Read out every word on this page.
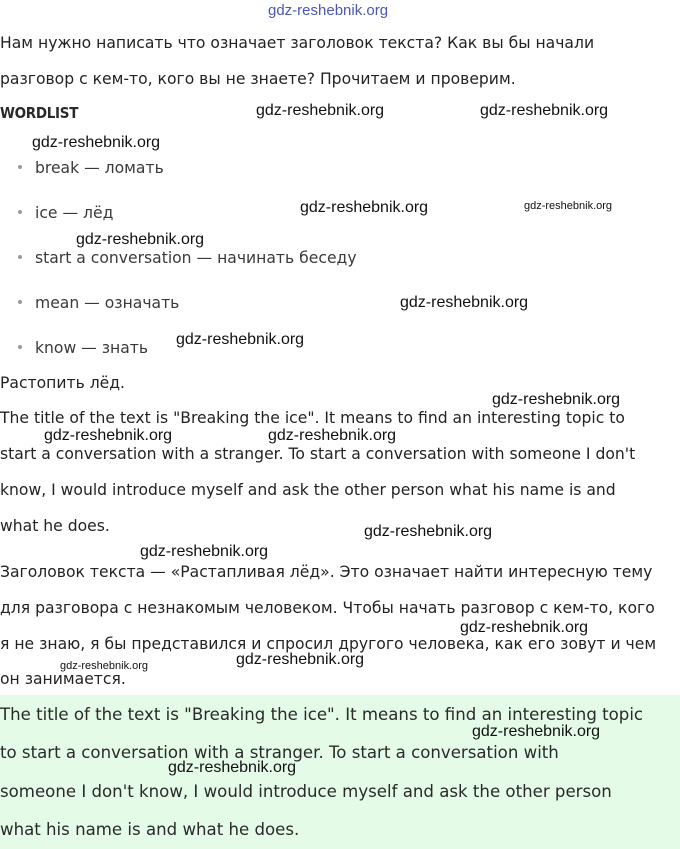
Нам нужно написать что означает заголовок текста? Как вы бы начали
разговор с кем-то, кого вы не знаете? Прочитаем и проверим.
WORDLIST
break — ломать
ice — лёд
start a conversation — начинать беседу
mean — означать
know — знать
Растопить лёд.
The title of the text is "Breaking the ice". It means to find an interesting topic to
start a conversation with a stranger. To start a conversation with someone I don't
know, I would introduce myself and ask the other person what his name is and
what he does.
Заголовок текста — «Растапливая лёд». Это означает найти интересную тему
для разговора с незнакомым человеком. Чтобы начать разговор с кем-то, кого
я не знаю, я бы представился и спросил другого человека, как его зовут и чем
он занимается.
The title of the text is "Breaking the ice". It means to find an interesting topic
to start a conversation with a stranger. To start a conversation with
someone I don't know, I would introduce myself and ask the other person
what his name is and what he does.
gdz-reshebnik.org
gdz-reshebnik.org	gdz-reshebnik.org
gdz-reshebnik.org
gdz-reshebnik.org	gdz-reshebnik.org
gdz-reshebnik.org
gdz-reshebnik.org
gdz-reshebnik.org
gdz-reshebnik.org
gdz-reshebnik.org	gdz-reshebnik.org
gdz-reshebnik.org
gdz-reshebnik.org
gdz-reshebnik.org
gdz-reshebnik.org
gdz-reshebnik.org
gdz-reshebnik.org
gdz-reshebnik.org
